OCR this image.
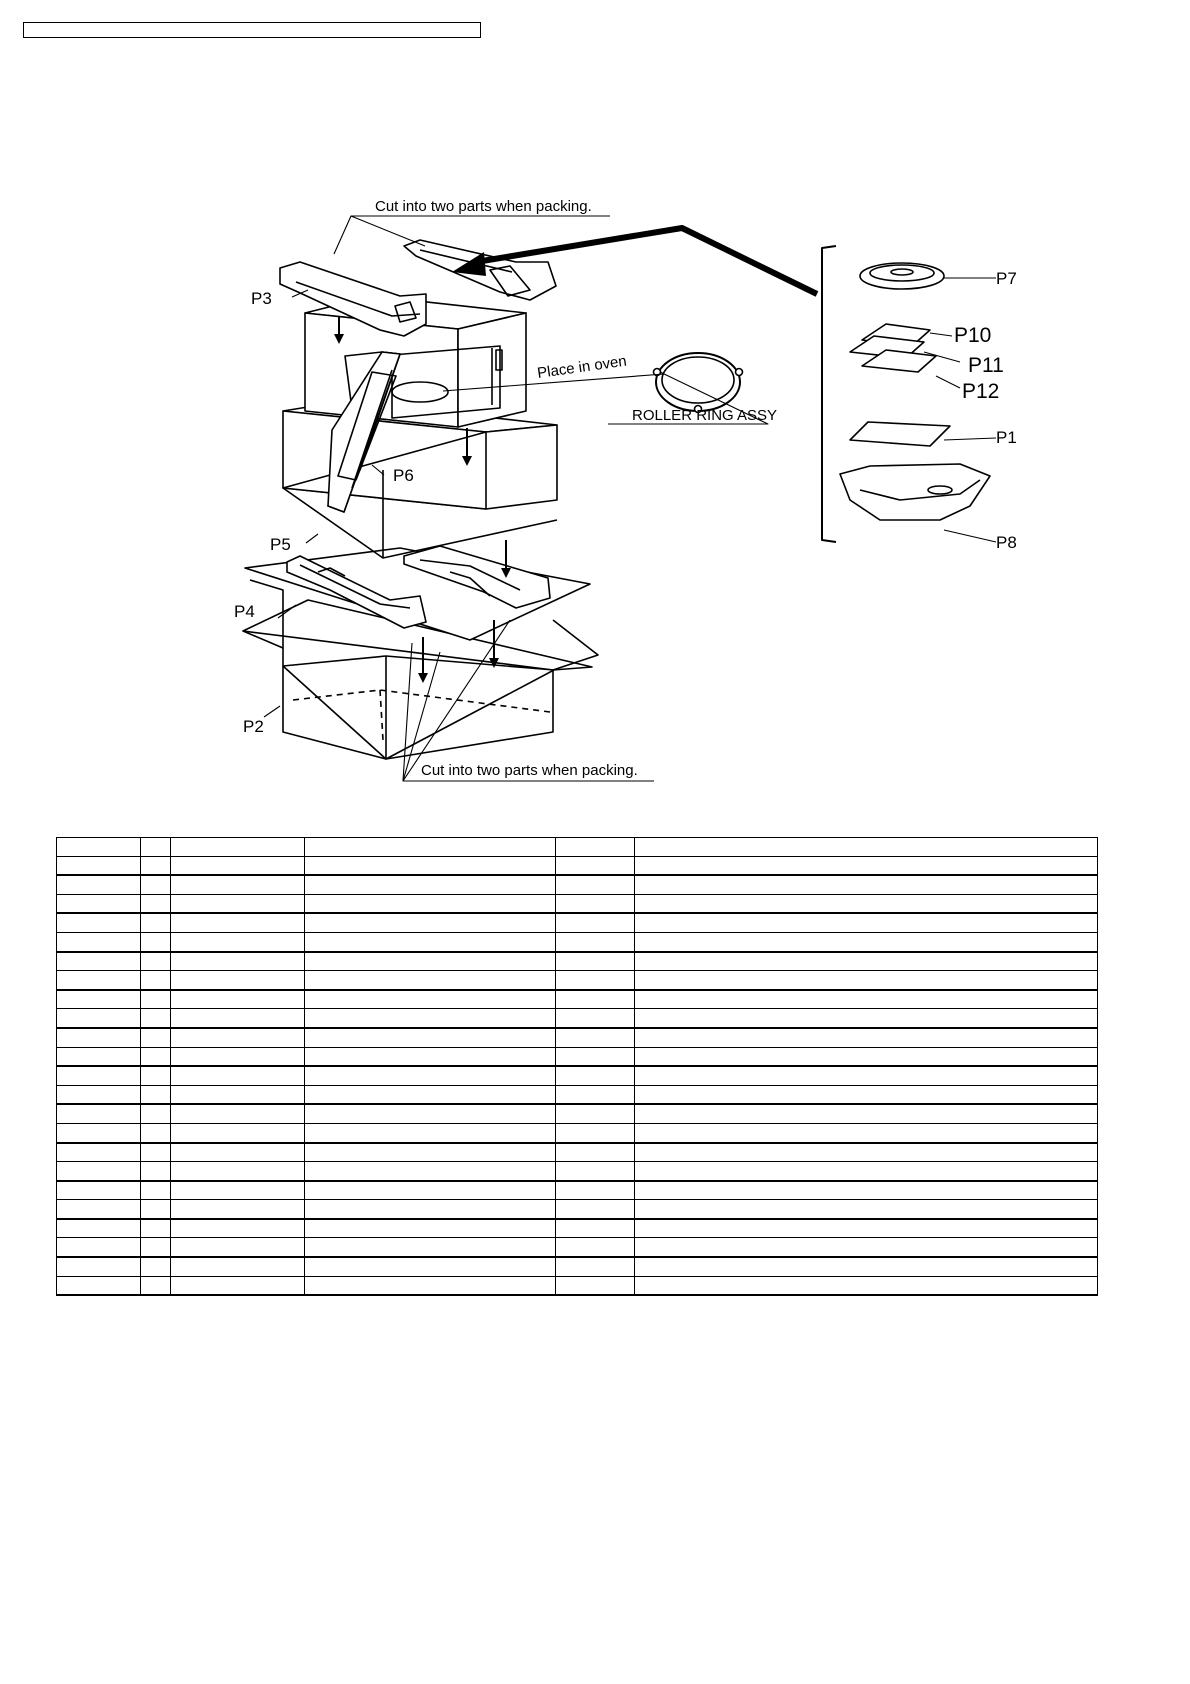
Cut into two parts when packing.
Cut into two parts when packing.
Place in oven
ROLLER RING ASSY
P3
P6
P5
P4
P2
P7
P1
P8
P10
P11
P12
